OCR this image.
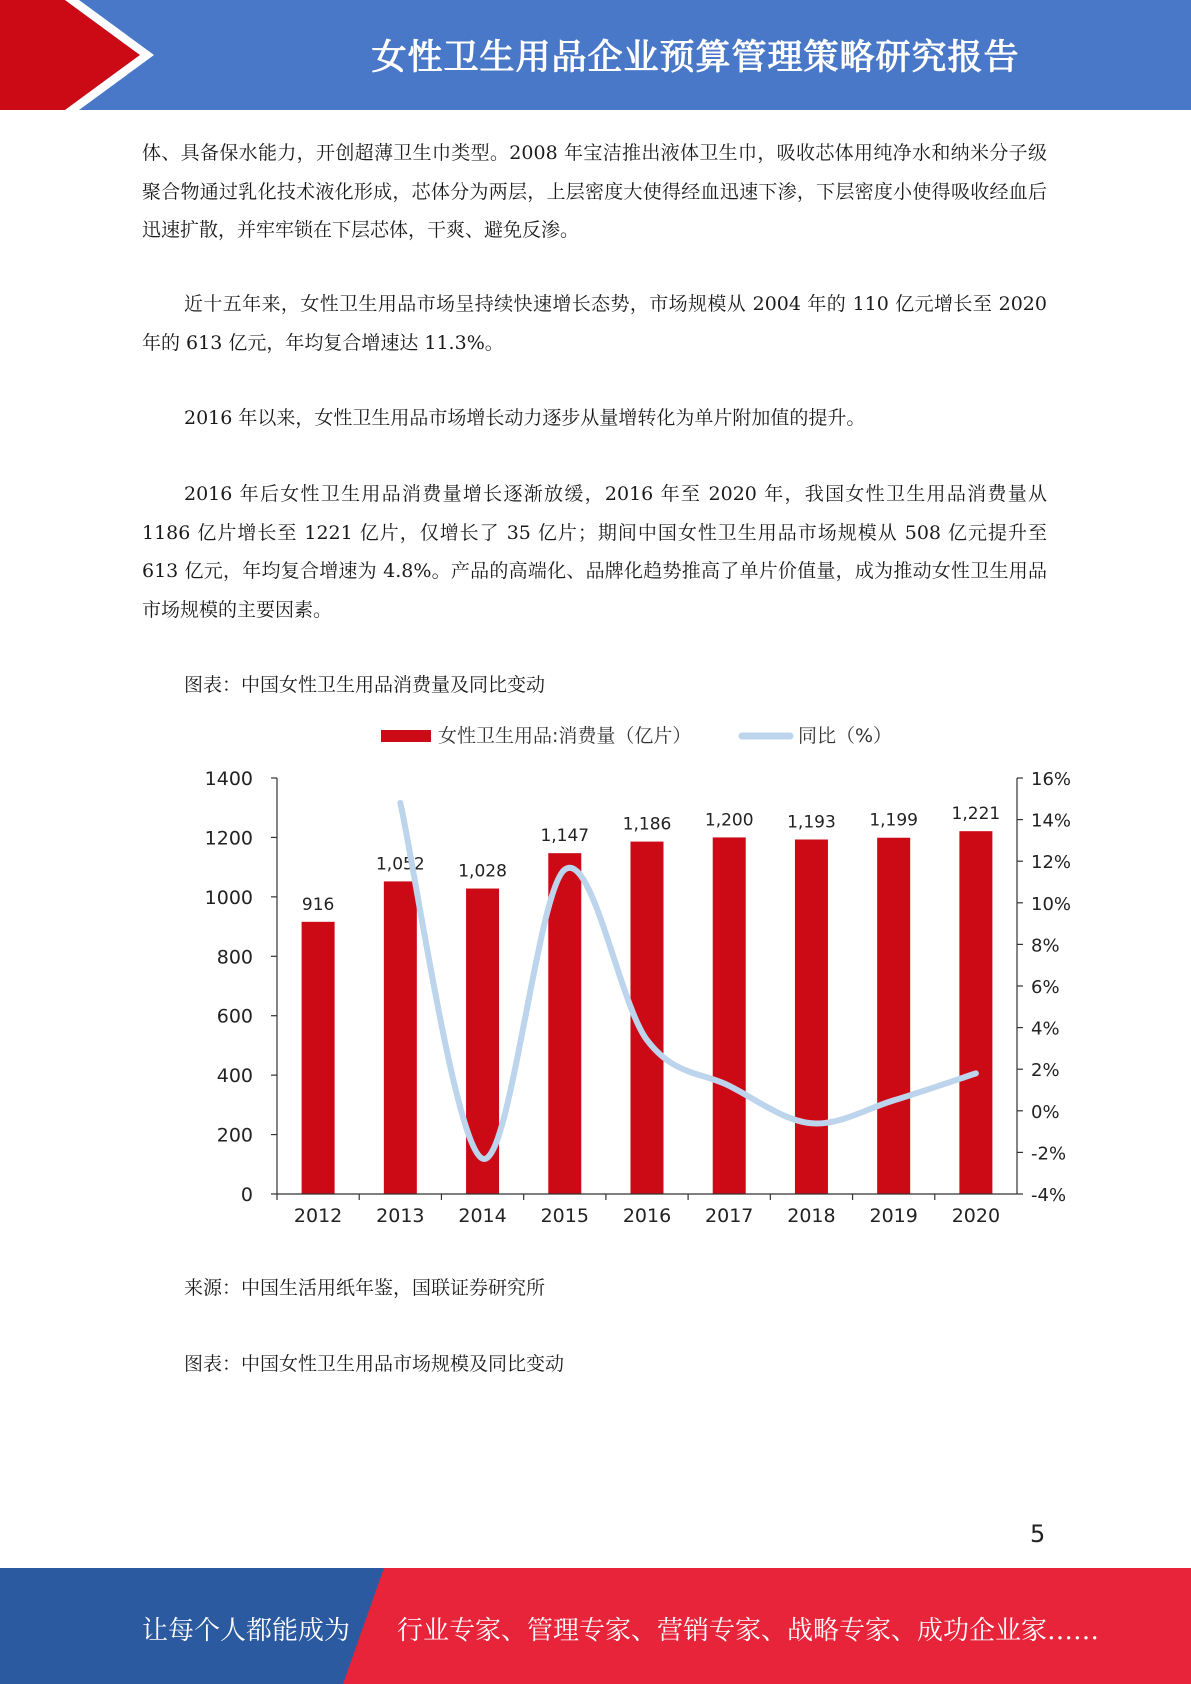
女性卫生用品企业预算管理策略研究报告

体、具备保水能力，开创超薄卫生巾类型。2008 年宝洁推出液体卫生巾，吸收芯体用纯净水和纳米分子级聚合物通过乳化技术液化形成，芯体分为两层，上层密度大使得经血迅速下渗，下层密度小使得吸收经血后迅速扩散，并牢牢锁在下层芯体，干爽、避免反渗。

近十五年来，女性卫生用品市场呈持续快速增长态势，市场规模从 2004 年的 110 亿元增长至 2020 年的 613 亿元，年均复合增速达 11.3%。

2016 年以来，女性卫生用品市场增长动力逐步从量增转化为单片附加值的提升。

2016 年后女性卫生用品消费量增长逐渐放缓，2016 年至 2020 年，我国女性卫生用品消费量从 1186 亿片增长至 1221 亿片，仅增长了 35 亿片；期间中国女性卫生用品市场规模从 508 亿元提升至 613 亿元，年均复合增速为 4.8%。产品的高端化、品牌化趋势推高了单片价值量，成为推动女性卫生用品市场规模的主要因素。

图表：中国女性卫生用品消费量及同比变动
女性卫生用品:消费量（亿片）	同比（%）
916
1,052 1,028
1,147
1,186 1,200 1,193 1,199 1,221
0
200
400
600
800
1000
1200
1400
-4%
-2%
0%
2%
4%
6%
8%
10%
12%
14%
16%
2012 2013 2014 2015 2016 2017 2018 2019 2020
来源：中国生活用纸年鉴，国联证券研究所
图表：中国女性卫生用品市场规模及同比变动
5
让每个人都能成为 行业专家、管理专家、营销专家、战略专家、成功企业家……
